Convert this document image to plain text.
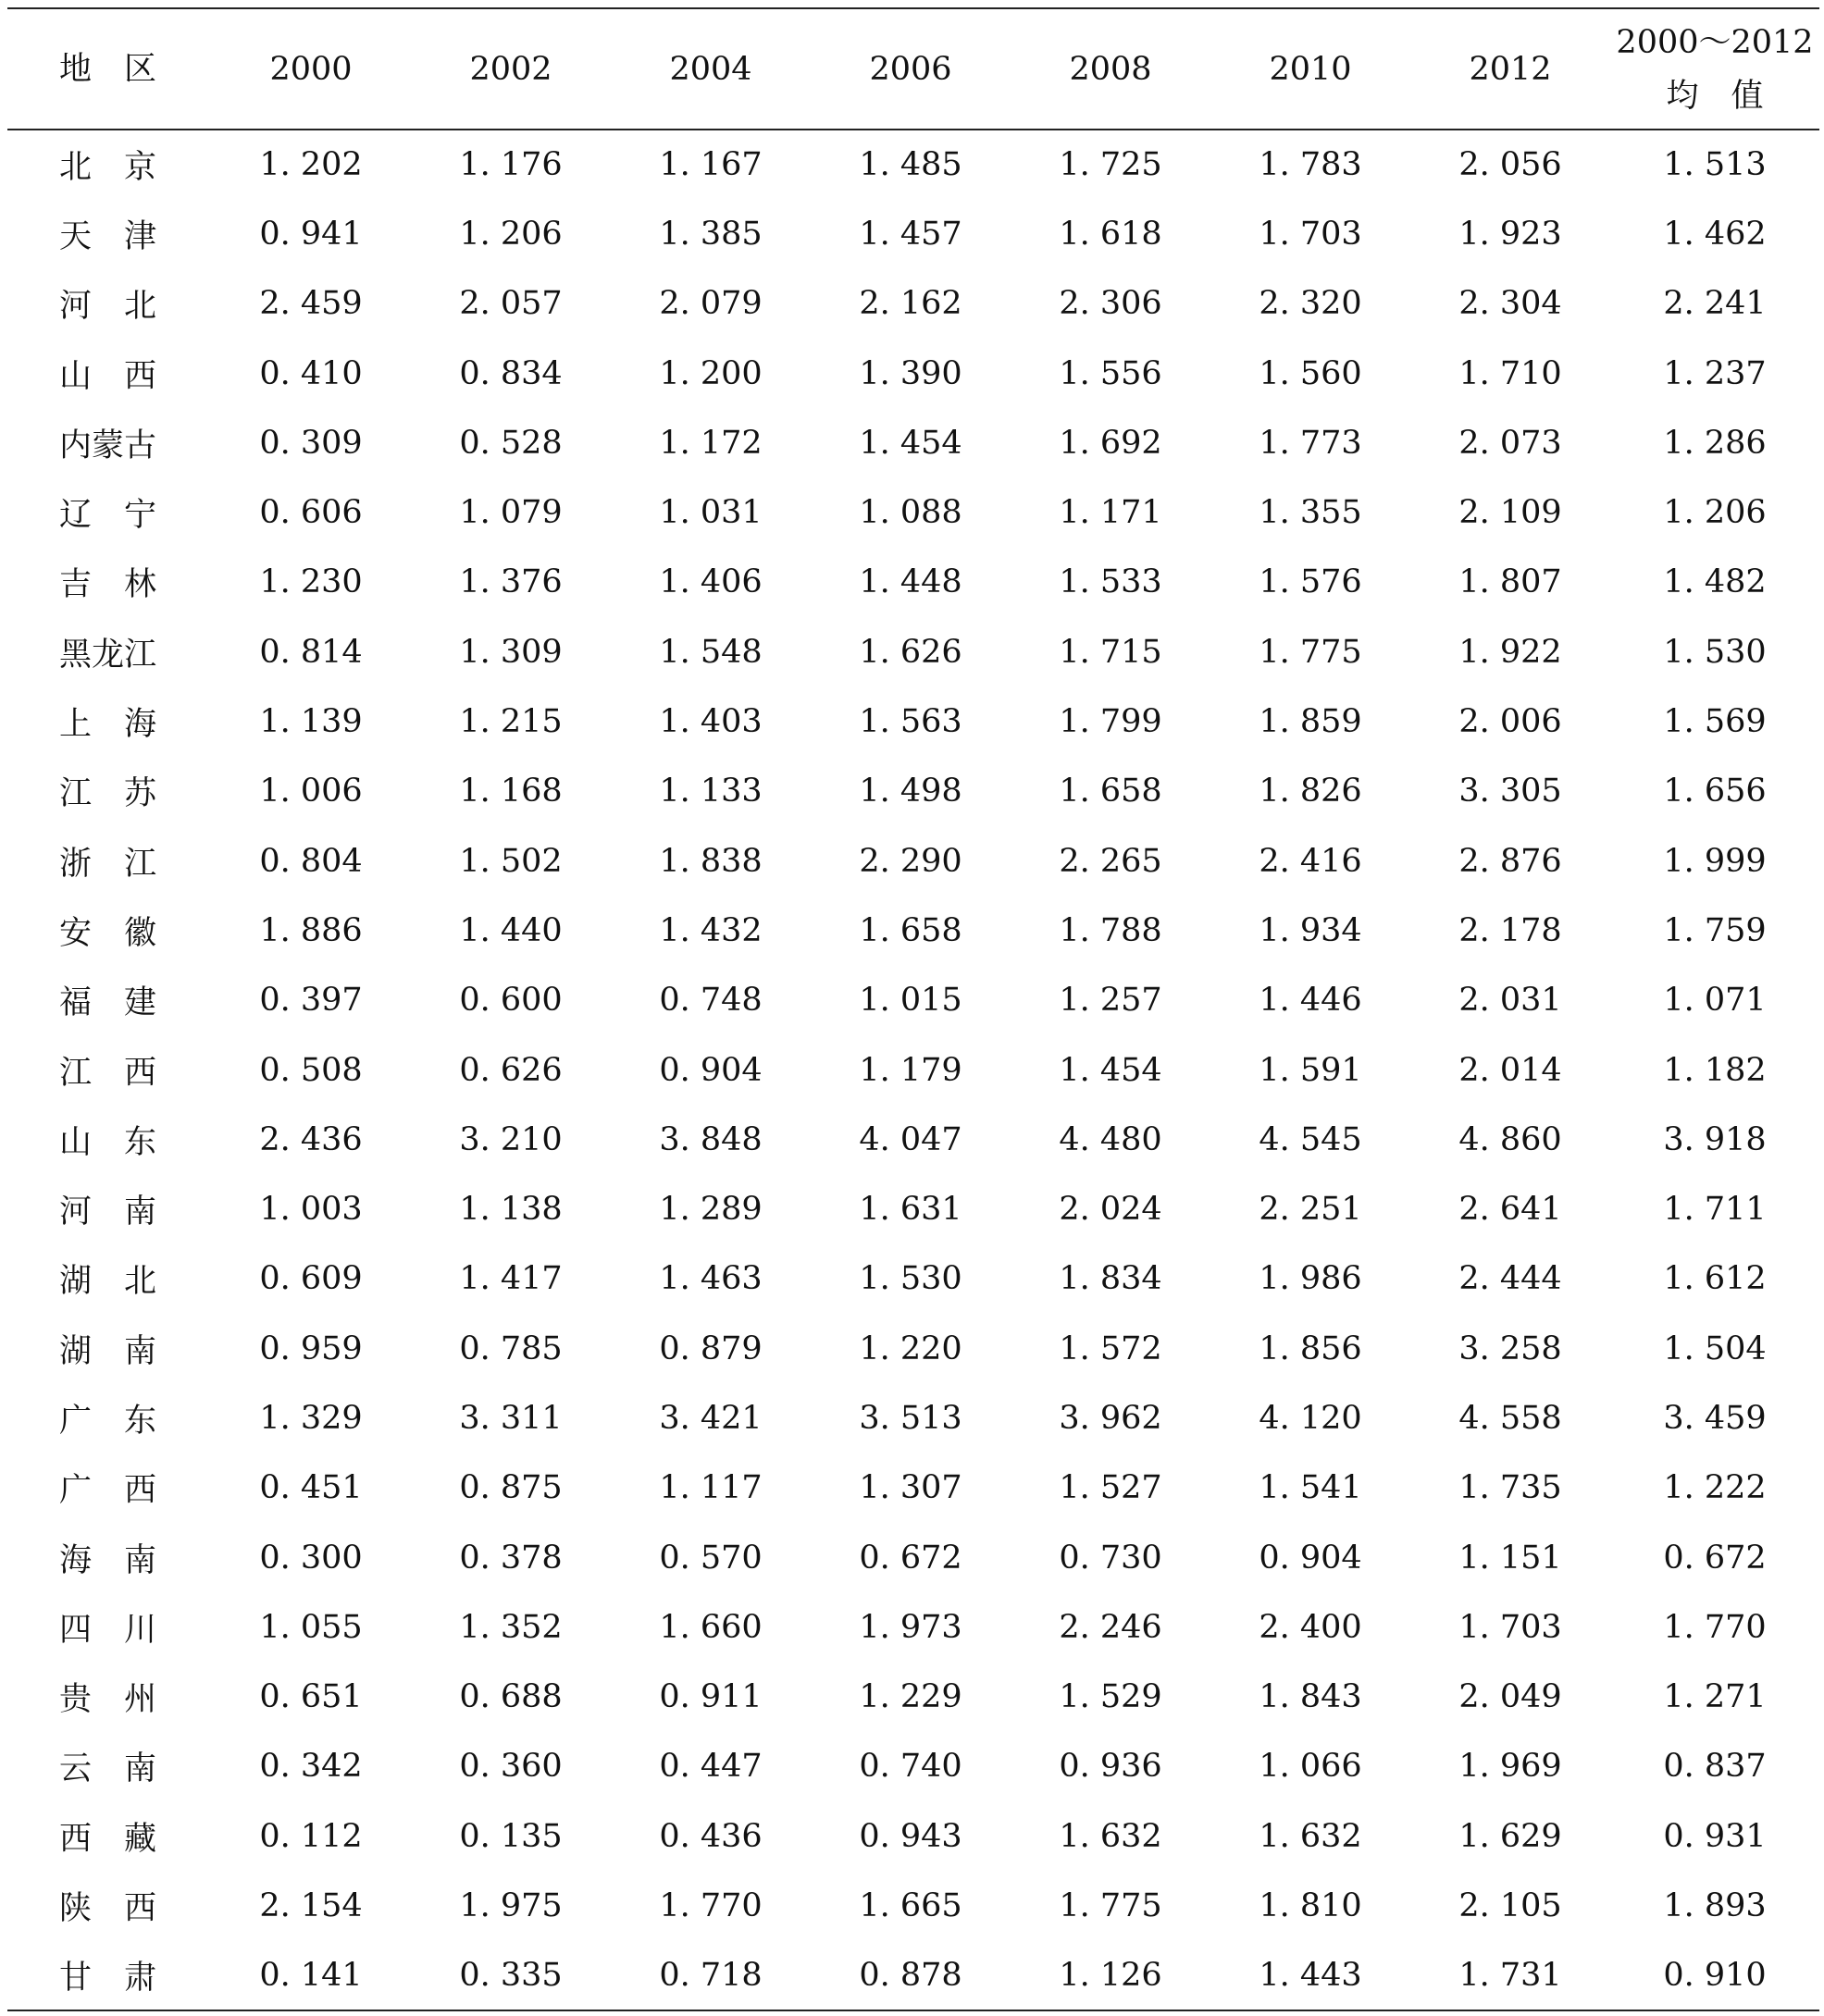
地　区	2000	2002	2004	2006	2008	2010	2012	2000～2012
均　值

北　京	1. 202	1. 176	1. 167	1. 485	1. 725	1. 783	2. 056	1. 513
天　津	0. 941	1. 206	1. 385	1. 457	1. 618	1. 703	1. 923	1. 462
河　北	2. 459	2. 057	2. 079	2. 162	2. 306	2. 320	2. 304	2. 241
山　西	0. 410	0. 834	1. 200	1. 390	1. 556	1. 560	1. 710	1. 237
内蒙古	0. 309	0. 528	1. 172	1. 454	1. 692	1. 773	2. 073	1. 286
辽　宁	0. 606	1. 079	1. 031	1. 088	1. 171	1. 355	2. 109	1. 206
吉　林	1. 230	1. 376	1. 406	1. 448	1. 533	1. 576	1. 807	1. 482
黑龙江	0. 814	1. 309	1. 548	1. 626	1. 715	1. 775	1. 922	1. 530
上　海	1. 139	1. 215	1. 403	1. 563	1. 799	1. 859	2. 006	1. 569
江　苏	1. 006	1. 168	1. 133	1. 498	1. 658	1. 826	3. 305	1. 656
浙　江	0. 804	1. 502	1. 838	2. 290	2. 265	2. 416	2. 876	1. 999
安　徽	1. 886	1. 440	1. 432	1. 658	1. 788	1. 934	2. 178	1. 759
福　建	0. 397	0. 600	0. 748	1. 015	1. 257	1. 446	2. 031	1. 071
江　西	0. 508	0. 626	0. 904	1. 179	1. 454	1. 591	2. 014	1. 182
山　东	2. 436	3. 210	3. 848	4. 047	4. 480	4. 545	4. 860	3. 918
河　南	1. 003	1. 138	1. 289	1. 631	2. 024	2. 251	2. 641	1. 711
湖　北	0. 609	1. 417	1. 463	1. 530	1. 834	1. 986	2. 444	1. 612
湖　南	0. 959	0. 785	0. 879	1. 220	1. 572	1. 856	3. 258	1. 504
广　东	1. 329	3. 311	3. 421	3. 513	3. 962	4. 120	4. 558	3. 459
广　西	0. 451	0. 875	1. 117	1. 307	1. 527	1. 541	1. 735	1. 222
海　南	0. 300	0. 378	0. 570	0. 672	0. 730	0. 904	1. 151	0. 672
四　川	1. 055	1. 352	1. 660	1. 973	2. 246	2. 400	1. 703	1. 770
贵　州	0. 651	0. 688	0. 911	1. 229	1. 529	1. 843	2. 049	1. 271
云　南	0. 342	0. 360	0. 447	0. 740	0. 936	1. 066	1. 969	0. 837
西　藏	0. 112	0. 135	0. 436	0. 943	1. 632	1. 632	1. 629	0. 931
陕　西	2. 154	1. 975	1. 770	1. 665	1. 775	1. 810	2. 105	1. 893
甘　肃	0. 141	0. 335	0. 718	0. 878	1. 126	1. 443	1. 731	0. 910
